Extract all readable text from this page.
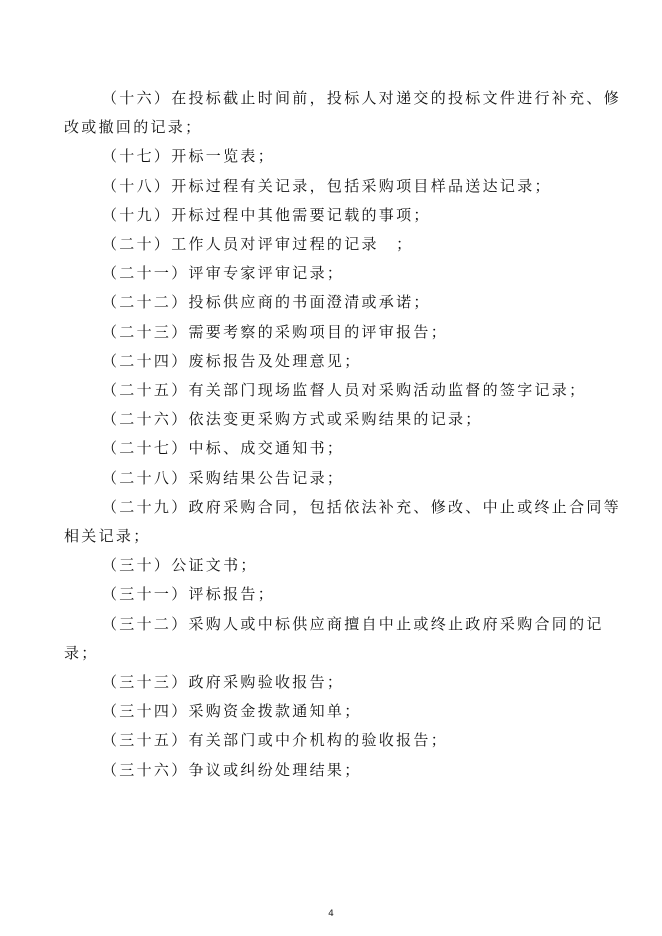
（十六）在投标截止时间前，投标人对递交的投标文件进行补充、修改或撤回的记录；

（十七）开标一览表；

（十八）开标过程有关记录，包括采购项目样品送达记录；

（十九）开标过程中其他需要记载的事项；

（二十）工作人员对评审过程的记录　；

（二十一）评审专家评审记录；

（二十二）投标供应商的书面澄清或承诺；

（二十三）需要考察的采购项目的评审报告；

（二十四）废标报告及处理意见；

（二十五）有关部门现场监督人员对采购活动监督的签字记录；

（二十六）依法变更采购方式或采购结果的记录；

（二十七）中标、成交通知书；

（二十八）采购结果公告记录；

（二十九）政府采购合同，包括依法补充、修改、中止或终止合同等相关记录；

（三十）公证文书；

（三十一）评标报告；

（三十二）采购人或中标供应商擅自中止或终止政府采购合同的记录；

（三十三）政府采购验收报告；

（三十四）采购资金拨款通知单；

（三十五）有关部门或中介机构的验收报告；

（三十六）争议或纠纷处理结果；

4
